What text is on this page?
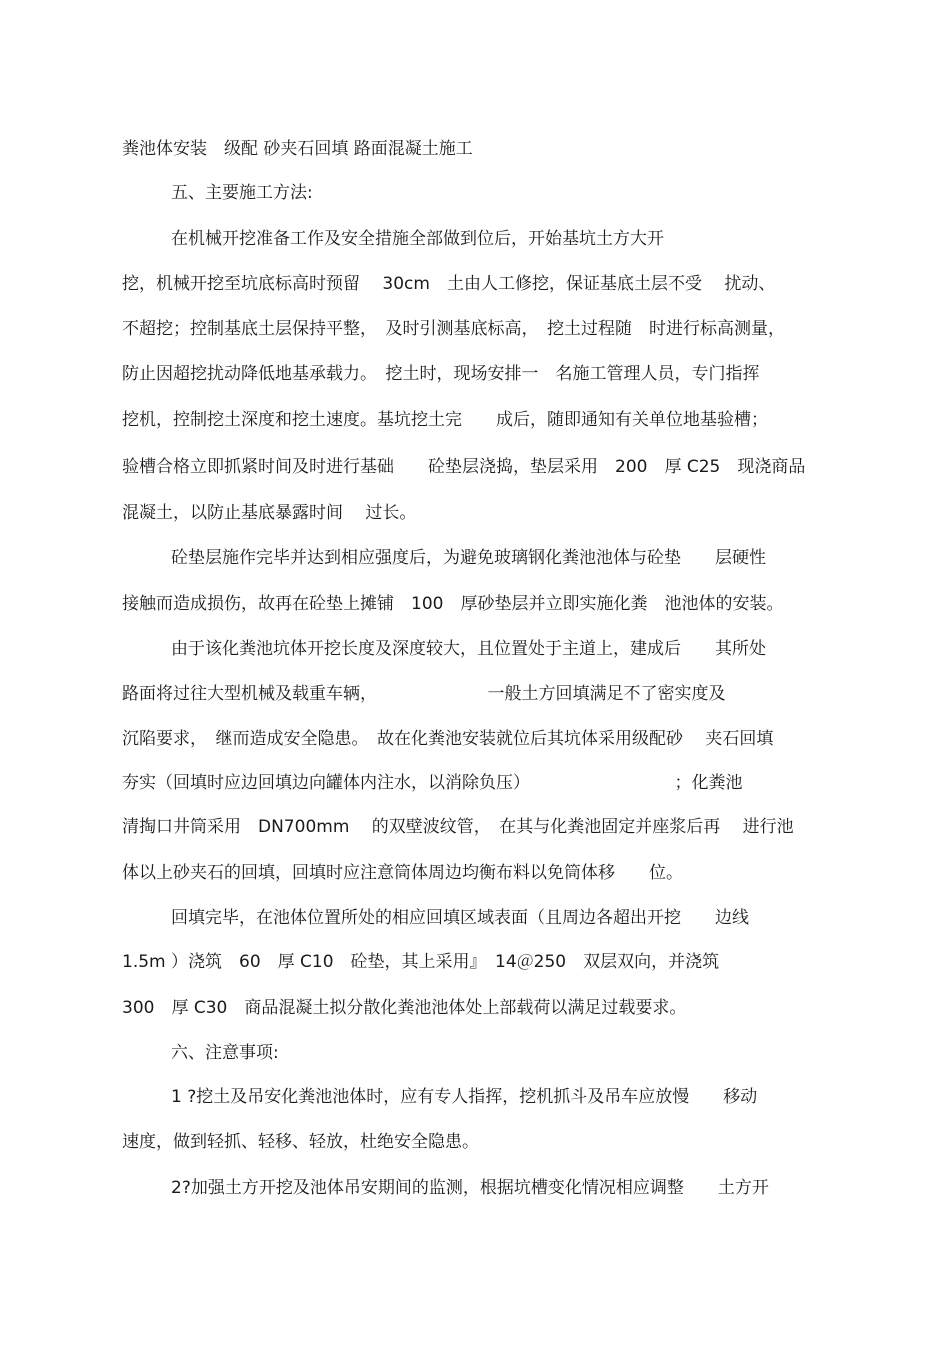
粪池体安装　级配 砂夹石回填 路面混凝土施工
五、主要施工方法:
在机械开挖准备工作及安全措施全部做到位后，开始基坑土方大开
挖，机械开挖至坑底标高时预留　 30cm　土由人工修挖，保证基底土层不受　 扰动、
不超挖；控制基底土层保持平整，　及时引测基底标高，　挖土过程随　时进行标高测量，
防止因超挖扰动降低地基承载力。　挖土时，现场安排一　名施工管理人员，专门指挥
挖机，控制挖土深度和挖土速度。基坑挖土完　　成后，随即通知有关单位地基验槽；
验槽合格立即抓紧时间及时进行基础　　砼垫层浇捣，垫层采用　200　厚 C25　现浇商品
混凝土，以防止基底暴露时间　 过长。
砼垫层施作完毕并达到相应强度后，为避免玻璃钢化粪池池体与砼垫　　层硬性
接触而造成损伤，故再在砼垫上摊铺　100　厚砂垫层并立即实施化粪　池池体的安装。
由于该化粪池坑体开挖长度及深度较大，且位置处于主道上，建成后　　其所处
路面将过往大型机械及载重车辆，　　　　　　　一般土方回填满足不了密实度及
沉陷要求，　继而造成安全隐患。　故在化粪池安装就位后其坑体采用级配砂　 夹石回填
夯实（回填时应边回填边向罐体内注水，以消除负压）　　　　　　　　　；化粪池
清掏口井筒采用　DN700mm　 的双壁波纹管，　在其与化粪池固定并座浆后再　 进行池
体以上砂夹石的回填，回填时应注意筒体周边均衡布料以免筒体移　　位。
回填完毕，在池体位置所处的相应回填区域表面（且周边各超出开挖　　边线
1.5m ）浇筑　60　厚 C10　砼垫，其上采用』　14＠250　双层双向，并浇筑
300　厚 C30　商品混凝土拟分散化粪池池体处上部载荷以满足过载要求。
六、注意事项:
1 ?挖土及吊安化粪池池体时，应有专人指挥，挖机抓斗及吊车应放慢　　移动
速度，做到轻抓、轻移、轻放，杜绝安全隐患。
2?加强土方开挖及池体吊安期间的监测，根据坑槽变化情况相应调整　　土方开
